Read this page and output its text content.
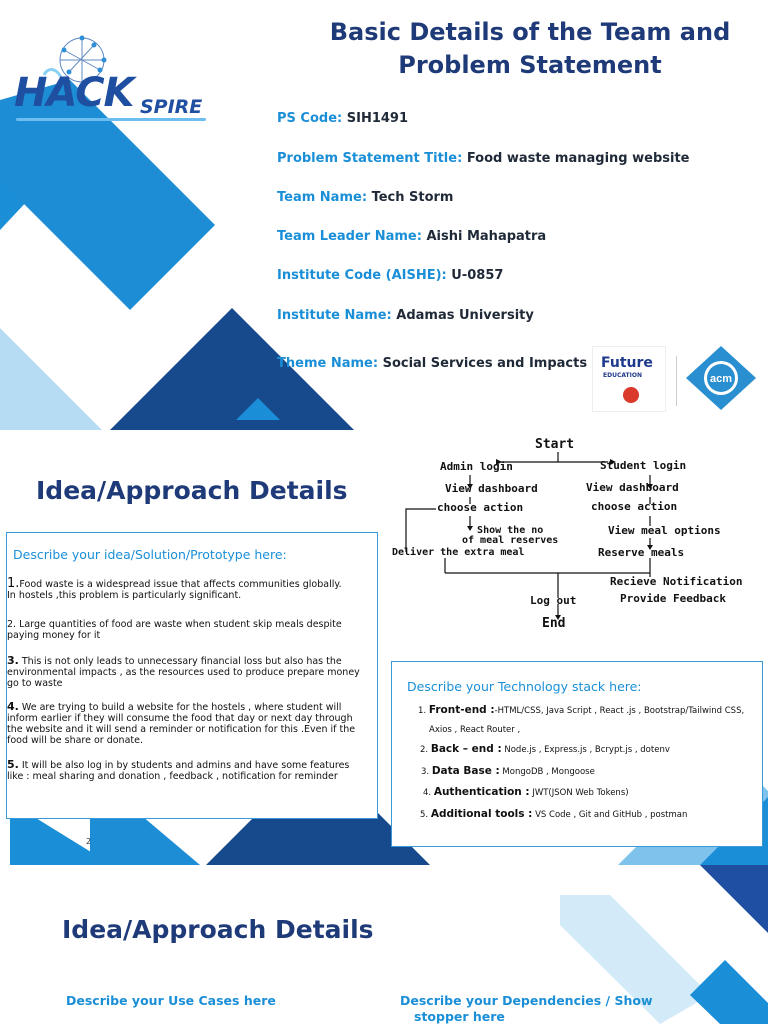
HACK SPIRE
Basic Details of the Team and
Problem Statement
PS Code: SIH1491
Problem Statement Title: Food waste managing website
Team Name: Tech Storm
Team Leader Name: Aishi Mahapatra
Institute Code (AISHE): U-0857
Institute Name: Adamas University
Theme Name: Social Services and Impacts Future
EDUCATION	acm
Idea/Approach Details
Describe your idea/Solution/Prototype here:
1.Food waste is a widespread issue that affects communities globally. In hostels ,this problem is particularly significant.
2. Large quantities of food are waste when student skip meals despite paying money for it
3. This is not only leads to unnecessary financial loss but also has the environmental impacts , as the resources used to produce prepare money go to waste
4. We are trying to build a website for the hostels , where student will inform earlier if they will consume the food that day or next day through the website and it will send a reminder or notification for this .Even if the food will be share or donate.
5. It will be also log in by students and admins and have some features like : meal sharing and donation , feedback , notification for reminder
2
Start
Admin login	Student login
View dashboard	View dashboard
choose action	choose action
Show the no
of meal reserves
View meal options
Deliver the extra meal	Reserve meals
Recieve Notification
Provide Feedback
Log out
End
Describe your Technology stack here:
1. Front-end :-HTML/CSS, Java Script , React .js , Bootstrap/Tailwind CSS,
Axios , React Router ,
2. Back – end : Node.js , Express.js , Bcrypt.js , dotenv
3. Data Base : MongoDB , Mongoose
4. Authentication : JWT(JSON Web Tokens)
5. Additional tools : VS Code , Git and GitHub , postman
Idea/Approach Details
Describe your Use Cases here	Describe your Dependencies / Show
stopper here
